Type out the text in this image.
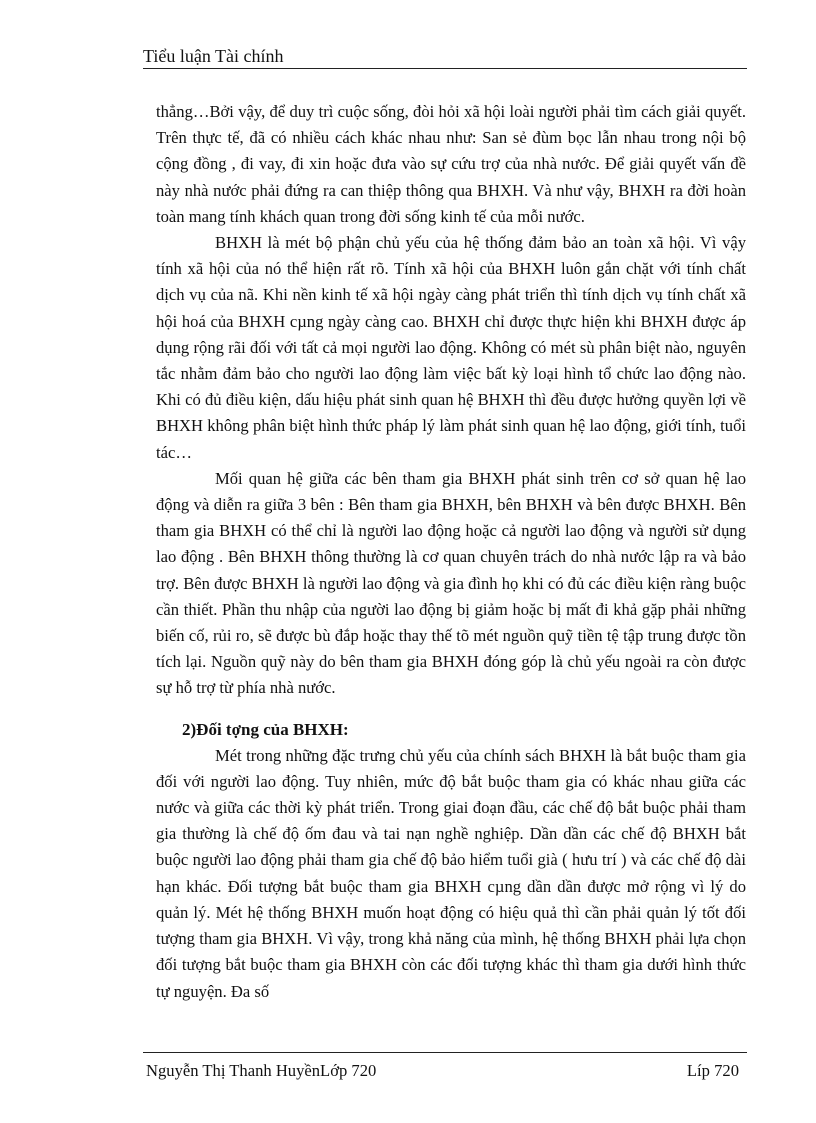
Tiểu luận Tài chính

thẳng…Bởi vậy, để duy trì cuộc sống, đòi hỏi xã hội loài người phải tìm cách giải quyết. Trên thực tế, đã có nhiều cách khác nhau như: San sẻ đùm bọc lẫn nhau trong nội bộ cộng đồng , đi vay, đi xin hoặc đưa vào sự cứu trợ của nhà nước. Để giải quyết vấn đề này nhà nước phải đứng ra can thiệp thông qua BHXH. Và như vậy, BHXH ra đời hoàn toàn mang tính khách quan trong đời sống kinh tế của mỗi nước.

BHXH là mét bộ phận chủ yếu của hệ thống đảm bảo an toàn xã hội. Vì vậy tính xã hội của nó thể hiện rất rõ. Tính xã hội của BHXH luôn gắn chặt với tính chất dịch vụ của nã. Khi nền kinh tế xã hội ngày càng phát triển thì tính dịch vụ tính chất xã hội hoá của BHXH cµng ngày càng cao. BHXH chỉ được thực hiện khi BHXH được áp dụng rộng rãi đối với tất cả mọi người lao động. Không có mét sù phân biệt nào, nguyên tắc nhằm đảm bảo cho người lao động làm việc bất kỳ loại hình tổ chức lao động nào. Khi có đủ điều kiện, dấu hiệu phát sinh quan hệ BHXH thì đều được hưởng quyền lợi về BHXH không phân biệt hình thức pháp lý làm phát sinh quan hệ lao động, giới tính, tuổi tác…

Mối quan hệ giữa các bên tham gia BHXH phát sinh trên cơ sở quan hệ lao động và diễn ra giữa 3 bên : Bên tham gia BHXH, bên BHXH và bên được BHXH. Bên tham gia BHXH có thể chỉ là người lao động hoặc cả người lao động và người sử dụng lao động . Bên BHXH thông thường là cơ quan chuyên trách do nhà nước lập ra và bảo trợ. Bên được BHXH là người lao động và gia đình họ khi có đủ các điều kiện ràng buộc cần thiết. Phần thu nhập của người lao động bị giảm hoặc bị mất đi khả gặp phải những biến cố, rủi ro, sẽ được bù đắp hoặc thay thế tõ mét nguồn quỹ tiền tệ tập trung được tồn tích lại. Nguồn quỹ này do bên tham gia BHXH đóng góp là chủ yếu ngoài ra còn được sự hỗ trợ từ phía nhà nước.

2)Đối tợng của BHXH:

Mét trong những đặc trưng chủ yếu của chính sách BHXH là bắt buộc tham gia đối với người lao động. Tuy nhiên, mức độ bắt buộc tham gia có khác nhau giữa các nước và giữa các thời kỳ phát triển. Trong giai đoạn đầu, các chế độ bắt buộc phải tham gia thường là chế độ ốm đau và tai nạn nghề nghiệp. Dần dần các chế độ BHXH bắt buộc người lao động phải tham gia chế độ bảo hiểm tuổi già ( hưu trí ) và các chế độ dài hạn khác. Đối tượng bắt buộc tham gia BHXH cµng dần dần được mở rộng vì lý do quản lý. Mét hệ thống BHXH muốn hoạt động có hiệu quả thì cần phải quản lý tốt đối tượng tham gia BHXH. Vì vậy, trong khả năng của mình, hệ thống BHXH phải lựa chọn đối tượng bắt buộc tham gia BHXH còn các đối tượng khác thì tham gia dưới hình thức tự nguyện. Đa số

Nguyễn Thị Thanh HuyềnLớp 720	Líp 720
